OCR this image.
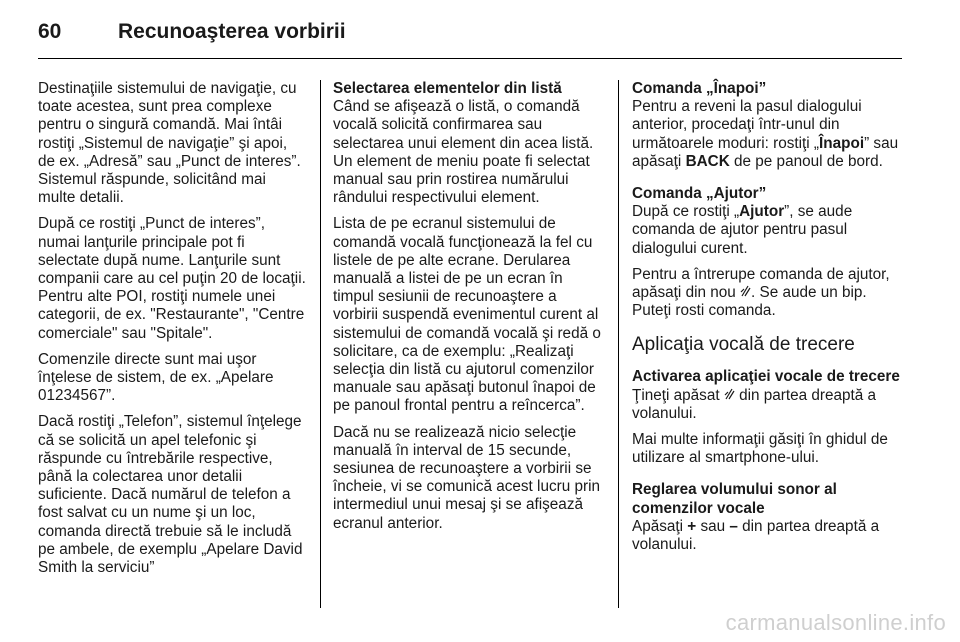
60	Recunoaşterea vorbirii

Destinaţiile sistemului de navigaţie, cu toate acestea, sunt prea complexe pentru o singură comandă. Mai întâi rostiţi „Sistemul de navigaţie” şi apoi, de ex. „Adresă” sau „Punct de interes”. Sistemul răspunde, solicitând mai multe detalii.

După ce rostiţi „Punct de interes”, numai lanţurile principale pot fi selectate după nume. Lanţurile sunt companii care au cel puţin 20 de locaţii. Pentru alte POI, rostiţi numele unei categorii, de ex. "Restaurante", "Centre comerciale" sau "Spitale".

Comenzile directe sunt mai uşor înţelese de sistem, de ex. „Apelare 01234567”.

Dacă rostiţi „Telefon”, sistemul înţelege că se solicită un apel telefonic şi răspunde cu întrebările respective, până la colectarea unor detalii suficiente. Dacă numărul de telefon a fost salvat cu un nume şi un loc, comanda directă trebuie să le includă pe ambele, de exemplu „Apelare David Smith la serviciu”

Selectarea elementelor din listă

Când se afişează o listă, o comandă vocală solicită confirmarea sau selectarea unui element din acea listă. Un element de meniu poate fi selectat manual sau prin rostirea numărului rândului respectivului element.

Lista de pe ecranul sistemului de comandă vocală funcţionează la fel cu listele de pe alte ecrane. Derularea manuală a listei de pe un ecran în timpul sesiunii de recunoaştere a vorbirii suspendă evenimentul curent al sistemului de comandă vocală şi redă o solicitare, ca de exemplu: „Realizaţi selecţia din listă cu ajutorul comenzilor manuale sau apăsaţi butonul înapoi de pe panoul frontal pentru a reîncerca”.

Dacă nu se realizează nicio selecţie manuală în interval de 15 secunde, sesiunea de recunoaştere a vorbirii se încheie, vi se comunică acest lucru prin intermediul unui mesaj şi se afişează ecranul anterior.

Comanda „Înapoi”

Pentru a reveni la pasul dialogului anterior, procedaţi într-unul din următoarele moduri: rostiţi „Înapoi” sau apăsaţi BACK de pe panoul de bord.

Comanda „Ajutor”

După ce rostiţi „Ajutor”, se aude comanda de ajutor pentru pasul dialogului curent.

Pentru a întrerupe comanda de ajutor, apăsaţi din nou . Se aude un bip. Puteţi rosti comanda.

Aplicaţia vocală de trecere

Activarea aplicaţiei vocale de trecere

Ţineţi apăsat  din partea dreaptă a volanului.

Mai multe informaţii găsiţi în ghidul de utilizare al smartphone-ului.

Reglarea volumului sonor al comenzilor vocale

Apăsaţi + sau – din partea dreaptă a volanului.

carmanualsonline.info
